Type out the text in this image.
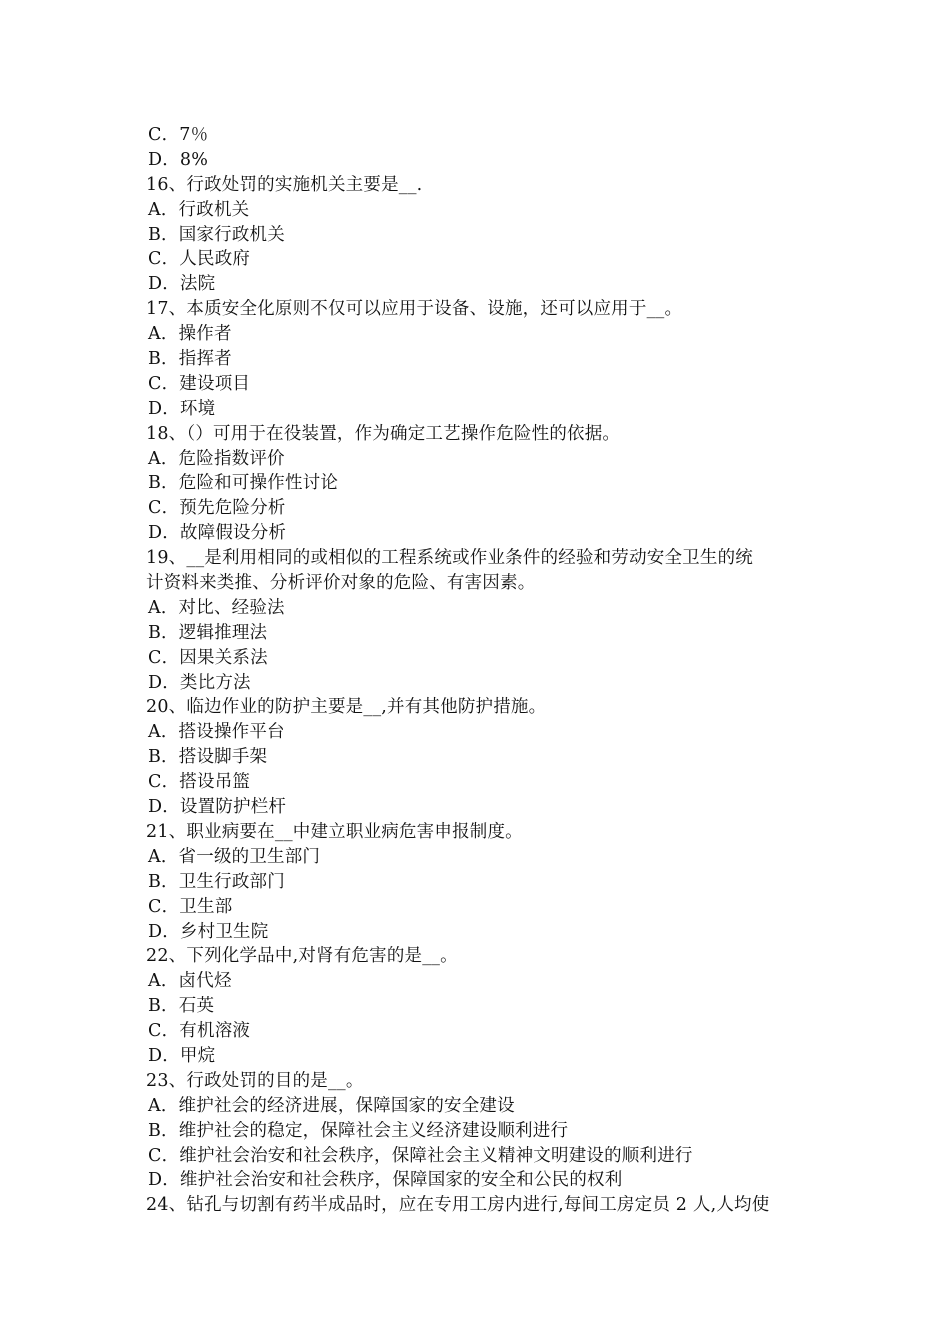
C．7％
D．8%
16、行政处罚的实施机关主要是__.
A．行政机关
B．国家行政机关
C．人民政府
D．法院
17、本质安全化原则不仅可以应用于设备、设施，还可以应用于__。
A．操作者
B．指挥者
C．建设项目
D．环境
18、（）可用于在役装置，作为确定工艺操作危险性的依据。
A．危险指数评价
B．危险和可操作性讨论
C．预先危险分析
D．故障假设分析
19、__是利用相同的或相似的工程系统或作业条件的经验和劳动安全卫生的统
计资料来类推、分析评价对象的危险、有害因素。
A．对比、经验法
B．逻辑推理法
C．因果关系法
D．类比方法
20、临边作业的防护主要是__,并有其他防护措施。
A．搭设操作平台
B．搭设脚手架
C．搭设吊篮
D．设置防护栏杆
21、职业病要在__中建立职业病危害申报制度。
A．省一级的卫生部门
B．卫生行政部门
C．卫生部
D．乡村卫生院
22、下列化学品中,对肾有危害的是__。
A．卤代烃
B．石英
C．有机溶液
D．甲烷
23、行政处罚的目的是__。
A．维护社会的经济进展，保障国家的安全建设
B．维护社会的稳定，保障社会主义经济建设顺利进行
C．维护社会治安和社会秩序，保障社会主义精神文明建设的顺利进行
D．维护社会治安和社会秩序，保障国家的安全和公民的权利
24、钻孔与切割有药半成品时，应在专用工房内进行,每间工房定员 2 人,人均使
